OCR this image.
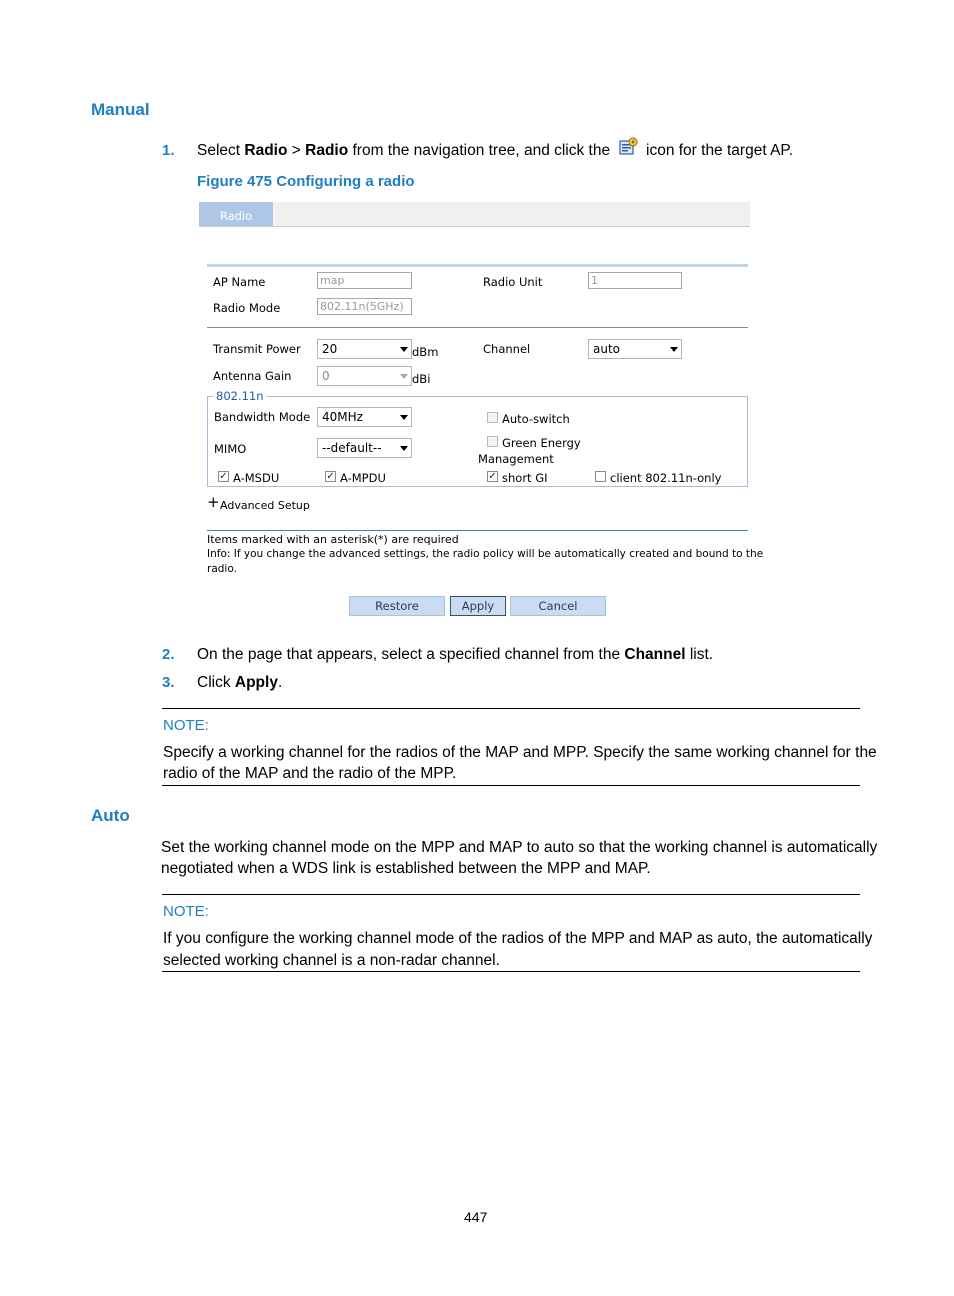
Manual
1. Select Radio > Radio from the navigation tree, and click the icon for the target AP.
Figure 475 Configuring a radio
Radio
AP Name	map	Radio Unit	1
Radio Mode	802.11n(5GHz)
Transmit Power	20	dBm	Channel	auto
Antenna Gain	0	dBi
802.11n
Bandwidth Mode 40MHz	Auto-switch
MIMO	--default--	Green Energy
Management
✓ A-MSDU	✓ A-MPDU	✓ short GI	client 802.11n-only
+ Advanced Setup
Items marked with an asterisk(*) are required
Info: If you change the advanced settings, the radio policy will be automatically created and bound to the
radio.
Restore	Apply	Cancel
2. On the page that appears, select a specified channel from the Channel list.
3. Click Apply.
NOTE:
Specify a working channel for the radios of the MAP and MPP. Specify the same working channel for the
radio of the MAP and the radio of the MPP.
Auto
Set the working channel mode on the MPP and MAP to auto so that the working channel is automatically
negotiated when a WDS link is established between the MPP and MAP.
NOTE:
If you configure the working channel mode of the radios of the MPP and MAP as auto, the automatically
selected working channel is a non-radar channel.
447
